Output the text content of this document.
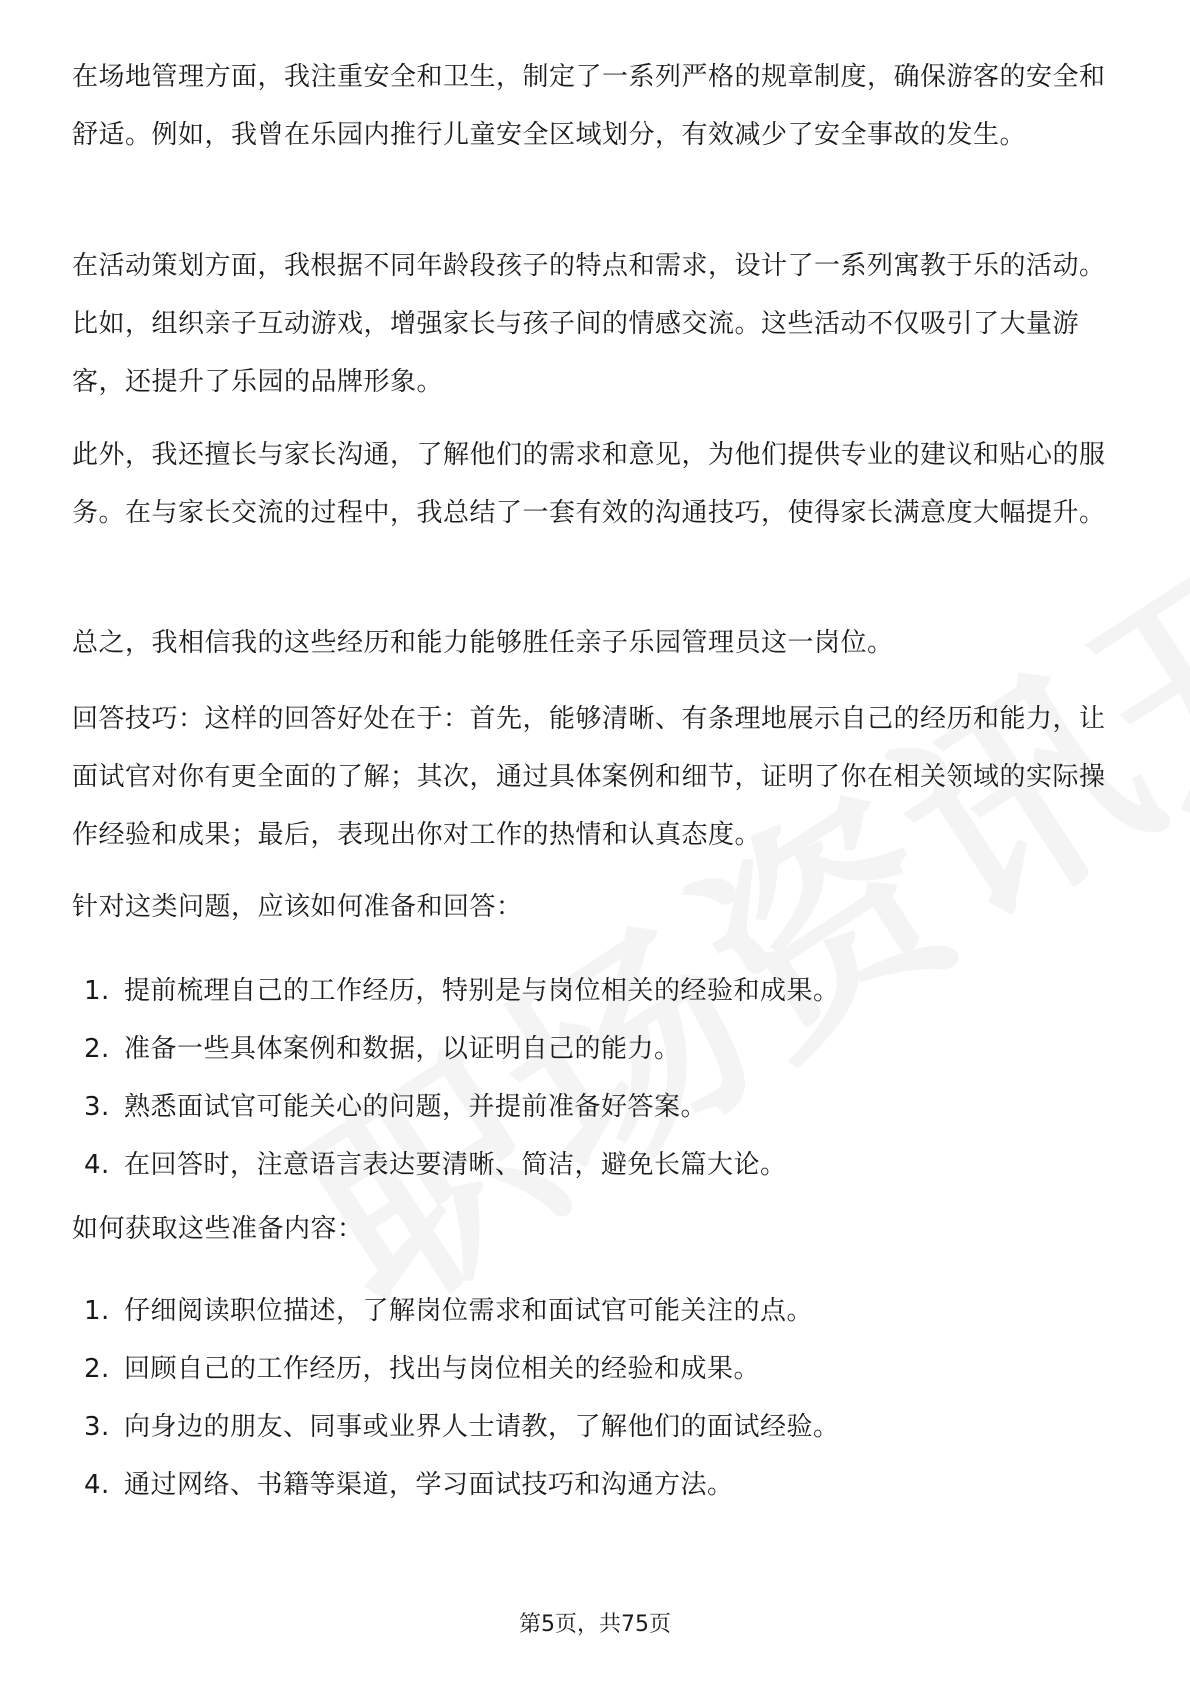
在场地管理方面，我注重安全和卫生，制定了一系列严格的规章制度，确保游客的安全和舒适。例如，我曾在乐园内推行儿童安全区域划分，有效减少了安全事故的发生。

在活动策划方面，我根据不同年龄段孩子的特点和需求，设计了一系列寓教于乐的活动。比如，组织亲子互动游戏，增强家长与孩子间的情感交流。这些活动不仅吸引了大量游客，还提升了乐园的品牌形象。

此外，我还擅长与家长沟通，了解他们的需求和意见，为他们提供专业的建议和贴心的服务。在与家长交流的过程中，我总结了一套有效的沟通技巧，使得家长满意度大幅提升。

总之，我相信我的这些经历和能力能够胜任亲子乐园管理员这一岗位。

回答技巧：这样的回答好处在于：首先，能够清晰、有条理地展示自己的经历和能力，让面试官对你有更全面的了解；其次，通过具体案例和细节，证明了你在相关领域的实际操作经验和成果；最后，表现出你对工作的热情和认真态度。

针对这类问题，应该如何准备和回答：

1. 提前梳理自己的工作经历，特别是与岗位相关的经验和成果。
2. 准备一些具体案例和数据，以证明自己的能力。
3. 熟悉面试官可能关心的问题，并提前准备好答案。
4. 在回答时，注意语言表达要清晰、简洁，避免长篇大论。

如何获取这些准备内容：

1. 仔细阅读职位描述，了解岗位需求和面试官可能关注的点。
2. 回顾自己的工作经历，找出与岗位相关的经验和成果。
3. 向身边的朋友、同事或业界人士请教，了解他们的面试经验。
4. 通过网络、书籍等渠道，学习面试技巧和沟通方法。
第5页，共75页
